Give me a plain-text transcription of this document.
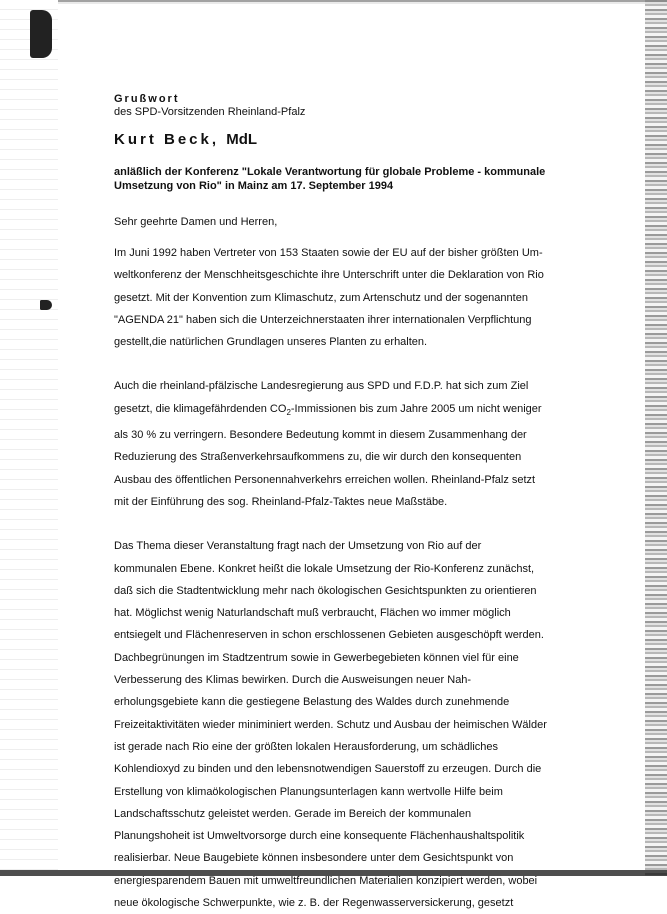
Grußwort

des SPD-Vorsitzenden Rheinland-Pfalz

Kurt Beck, MdL

anläßlich der Konferenz "Lokale Verantwortung für globale Probleme - kommunale
Umsetzung von Rio" in Mainz am 17. September 1994

Sehr geehrte Damen und Herren,

Im Juni 1992 haben Vertreter von 153 Staaten sowie der EU auf der bisher größten Um-
weltkonferenz der Menschheitsgeschichte ihre Unterschrift unter die Deklaration von Rio
gesetzt. Mit der Konvention zum Klimaschutz, zum Artenschutz und der sogenannten
"AGENDA 21" haben sich die Unterzeichnerstaaten ihrer internationalen Verpflichtung
gestellt,die natürlichen Grundlagen unseres Planten zu erhalten.

Auch die rheinland-pfälzische Landesregierung aus SPD und F.D.P. hat sich zum Ziel
gesetzt, die klimagefährdenden $CO_2$-Immissionen bis zum Jahre 2005 um nicht weniger
als 30 % zu verringern. Besondere Bedeutung kommt in diesem Zusammenhang der
Reduzierung des Straßenverkehrsaufkommens zu, die wir durch den konsequenten
Ausbau des öffentlichen Personennahverkehrs erreichen wollen. Rheinland-Pfalz setzt
mit der Einführung des sog. Rheinland-Pfalz-Taktes neue Maßstäbe.

Das Thema dieser Veranstaltung fragt nach der Umsetzung von Rio auf der
kommunalen Ebene. Konkret heißt die lokale Umsetzung der Rio-Konferenz zunächst,
daß sich die Stadtentwicklung mehr nach ökologischen Gesichtspunkten zu orientieren
hat. Möglichst wenig Naturlandschaft muß verbraucht, Flächen wo immer möglich
entsiegelt und Flächenreserven in schon erschlossenen Gebieten ausgeschöpft werden.
Dachbegrünungen im Stadtzentrum sowie in Gewerbegebieten können viel für eine
Verbesserung des Klimas bewirken. Durch die Ausweisungen neuer Nah-
erholungsgebiete kann die gestiegene Belastung des Waldes durch zunehmende
Freizeitaktivitäten wieder miniminiert werden. Schutz und Ausbau der heimischen Wälder
ist gerade nach Rio eine der größten lokalen Herausforderung, um schädliches
Kohlendioxyd zu binden und den lebensnotwendigen Sauerstoff zu erzeugen. Durch die
Erstellung von klimaökologischen Planungsunterlagen kann wertvolle Hilfe beim
Landschaftsschutz geleistet werden. Gerade im Bereich der kommunalen
Planungshoheit ist Umweltvorsorge durch eine konsequente Flächenhaushaltspolitik
realisierbar. Neue Baugebiete können insbesondere unter dem Gesichtspunkt von
energiesparendem Bauen mit umweltfreundlichen Materialien konzipiert werden, wobei
neue ökologische Schwerpunkte, wie z. B. der Regenwasserversickerung, gesetzt
